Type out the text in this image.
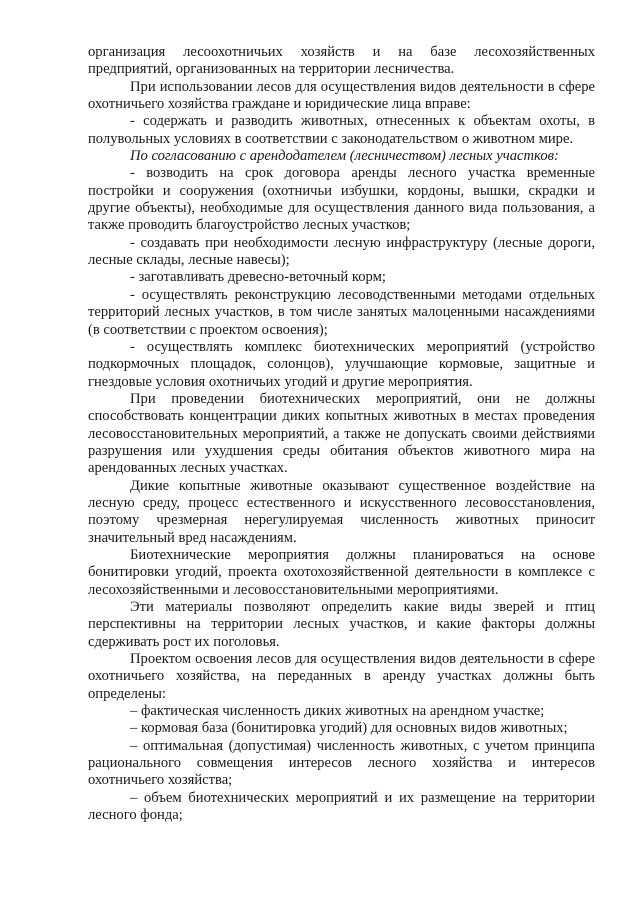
организация лесоохотничьих хозяйств и на базе лесохозяйственных предприятий, организованных на территории лесничества.

При использовании лесов для осуществления видов деятельности в сфере охотничьего хозяйства граждане и юридические лица вправе:

- содержать и разводить животных, отнесенных к объектам охоты, в полувольных условиях в соответствии с законодательством о животном мире.

По согласованию с арендодателем (лесничеством) лесных участков:

- возводить на срок договора аренды лесного участка временные постройки и сооружения (охотничьи избушки, кордоны, вышки, скрадки и другие объекты), необходимые для осуществления данного вида пользования, а также проводить благоустройство лесных участков;

- создавать при необходимости лесную инфраструктуру (лесные дороги, лесные склады, лесные навесы);

- заготавливать древесно-веточный корм;

- осуществлять реконструкцию лесоводственными методами отдельных территорий лесных участков, в том числе занятых малоценными насаждениями (в соответствии с проектом освоения);

- осуществлять комплекс биотехнических мероприятий (устройство подкормочных площадок, солонцов), улучшающие кормовые, защитные и гнездовые условия охотничьих угодий и другие мероприятия.

При проведении биотехнических мероприятий, они не должны способствовать концентрации диких копытных животных в местах проведения лесовосстановительных мероприятий, а также не допускать своими действиями разрушения или ухудшения среды обитания объектов животного мира на арендованных лесных участках.

Дикие копытные животные оказывают существенное воздействие на лесную среду, процесс естественного и искусственного лесовосстановления, поэтому чрезмерная нерегулируемая численность животных приносит значительный вред насаждениям.

Биотехнические мероприятия должны планироваться на основе бонитировки угодий, проекта охотохозяйственной деятельности в комплексе с лесохозяйственными и лесовосстановительными мероприятиями.

Эти материалы позволяют определить какие виды зверей и птиц перспективны на территории лесных участков, и какие факторы должны сдерживать рост их поголовья.

Проектом освоения лесов для осуществления видов деятельности в сфере охотничьего хозяйства, на переданных в аренду участках должны быть определены:

– фактическая численность диких животных на арендном участке;

– кормовая база (бонитировка угодий) для основных видов животных;

– оптимальная (допустимая) численность животных, с учетом принципа рационального совмещения интересов лесного хозяйства и интересов охотничьего хозяйства;

– объем биотехнических мероприятий и их размещение на территории лесного фонда;
